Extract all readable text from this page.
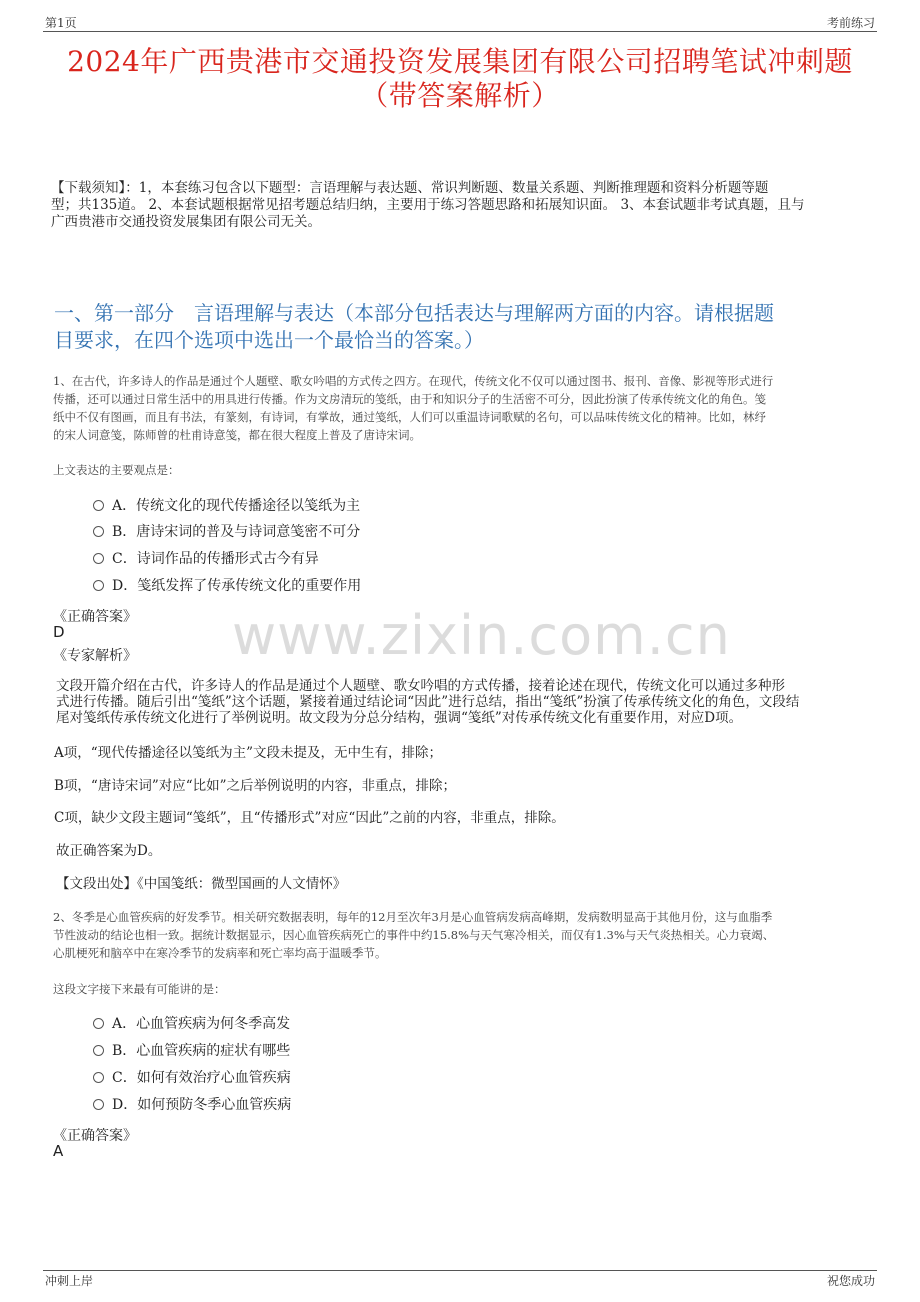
第1页	考前练习
2024年广西贵港市交通投资发展集团有限公司招聘笔试冲刺题
（带答案解析）
【下载须知】：1，本套练习包含以下题型：言语理解与表达题、常识判断题、数量关系题、判断推理题和资料分析题等题
型；共135道。 2、本套试题根据常见招考题总结归纳，主要用于练习答题思路和拓展知识面。 3、本套试题非考试真题，且与
广西贵港市交通投资发展集团有限公司无关。
一、第一部分　言语理解与表达（本部分包括表达与理解两方面的内容。请根据题
目要求，在四个选项中选出一个最恰当的答案。）
1、在古代，许多诗人的作品是通过个人题壁、歌女吟唱的方式传之四方。在现代，传统文化不仅可以通过图书、报刊、音像、影视等形式进行
传播，还可以通过日常生活中的用具进行传播。作为文房清玩的笺纸，由于和知识分子的生活密不可分，因此扮演了传承传统文化的角色。笺
纸中不仅有图画，而且有书法，有篆刻，有诗词，有掌故，通过笺纸，人们可以重温诗词歌赋的名句，可以品味传统文化的精神。比如，林纾
的宋人词意笺，陈师曾的杜甫诗意笺，都在很大程度上普及了唐诗宋词。
上文表达的主要观点是：
A．传统文化的现代传播途径以笺纸为主
B．唐诗宋词的普及与诗词意笺密不可分
C．诗词作品的传播形式古今有异
D．笺纸发挥了传承传统文化的重要作用
《正确答案》
D
《专家解析》
文段开篇介绍在古代，许多诗人的作品是通过个人题壁、歌女吟唱的方式传播，接着论述在现代，传统文化可以通过多种形
式进行传播。随后引出“笺纸”这个话题，紧接着通过结论词“因此”进行总结，指出“笺纸”扮演了传承传统文化的角色，文段结
尾对笺纸传承传统文化进行了举例说明。故文段为分总分结构，强调“笺纸”对传承传统文化有重要作用，对应D项。
A项，“现代传播途径以笺纸为主”文段未提及，无中生有，排除；
B项，“唐诗宋词”对应“比如”之后举例说明的内容，非重点，排除；
C项，缺少文段主题词“笺纸”，且“传播形式”对应“因此”之前的内容，非重点，排除。
故正确答案为D。
【文段出处】《中国笺纸：微型国画的人文情怀》
www.zixin.com.cn
2、冬季是心血管疾病的好发季节。相关研究数据表明，每年的12月至次年3月是心血管病发病高峰期，发病数明显高于其他月份，这与血脂季
节性波动的结论也相一致。据统计数据显示，因心血管疾病死亡的事件中约15.8%与天气寒冷相关，而仅有1.3%与天气炎热相关。心力衰竭、
心肌梗死和脑卒中在寒冷季节的发病率和死亡率均高于温暖季节。
这段文字接下来最有可能讲的是：
A．心血管疾病为何冬季高发
B．心血管疾病的症状有哪些
C．如何有效治疗心血管疾病
D．如何预防冬季心血管疾病
《正确答案》
A
冲刺上岸	祝您成功
